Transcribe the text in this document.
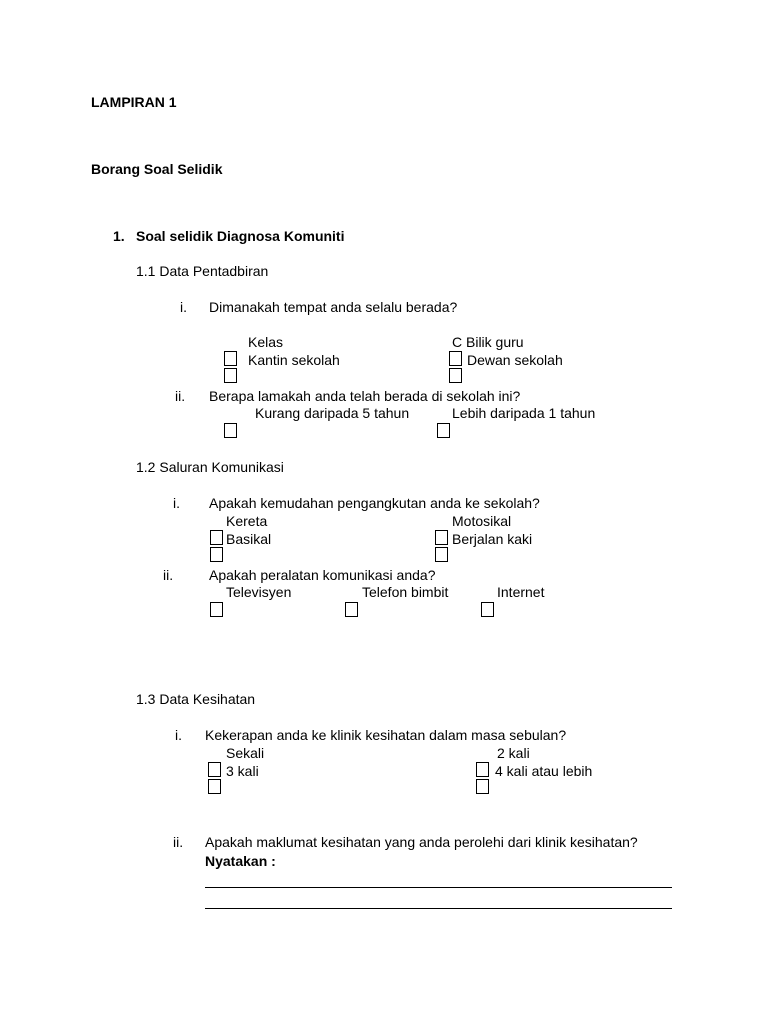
LAMPIRAN 1
Borang Soal Selidik
1. Soal selidik Diagnosa Komuniti
1.1 Data Pentadbiran
i. Dimanakah tempat anda selalu berada?
Kelas	C Bilik guru
Kantin sekolah	Dewan sekolah
ii. Berapa lamakah anda telah berada di sekolah ini?
Kurang daripada 5 tahun	Lebih daripada 1 tahun
1.2 Saluran Komunikasi
i. Apakah kemudahan pengangkutan anda ke sekolah?
Kereta	Motosikal
Basikal	Berjalan kaki
ii.	Apakah peralatan komunikasi anda?
Televisyen	Telefon bimbit	Internet
1.3 Data Kesihatan
i. Kekerapan anda ke klinik kesihatan dalam masa sebulan?
Sekali	2 kali
3 kali	4 kali atau lebih
ii. Apakah maklumat kesihatan yang anda perolehi dari klinik kesihatan?
Nyatakan :
